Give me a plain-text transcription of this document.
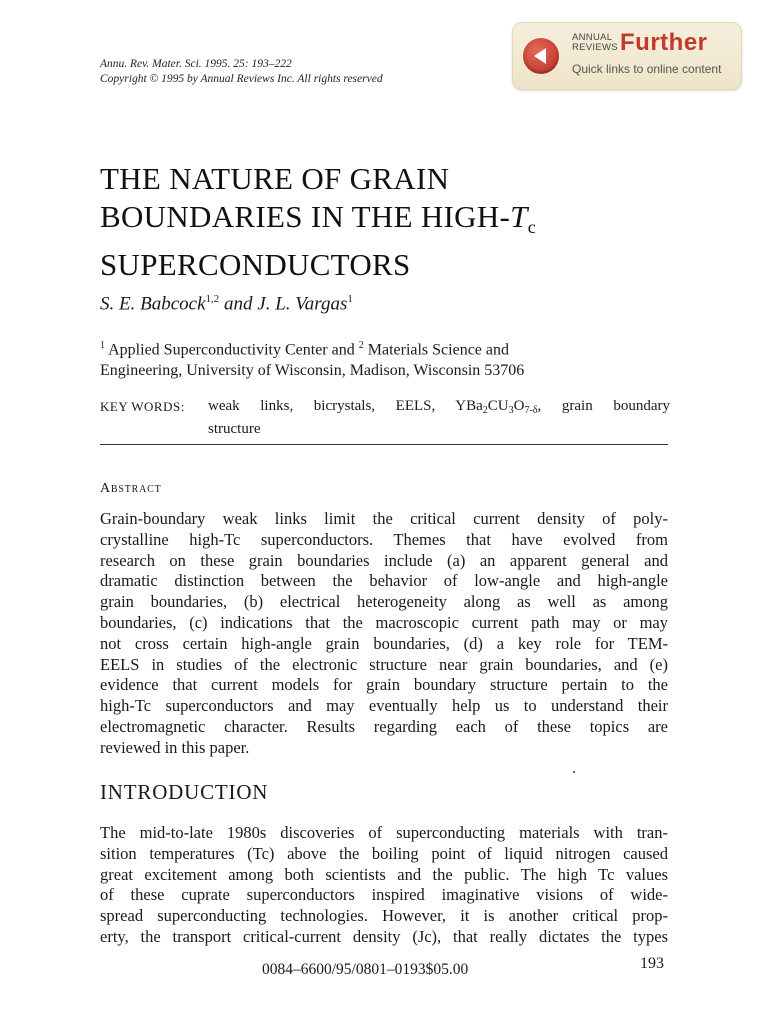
Annu. Rev. Mater. Sci. 1995. 25: 193–222
Copyright © 1995 by Annual Reviews Inc. All rights reserved
ANNUAL
REVIEWS Further
Quick links to online content
THE NATURE OF GRAIN
BOUNDARIES IN THE HIGH-$T_c$
SUPERCONDUCTORS
S. E. Babcock$^{1,2}$ and J. L. Vargas$^1$
$^1$ Applied Superconductivity Center and $^2$ Materials Science and
Engineering, University of Wisconsin, Madison, Wisconsin 53706
KEY WORDS: weak links, bicrystals, EELS, $YBa_2CU_3O_{7-\delta}$, grain boundary
structure
Abstract
Grain-boundary weak links limit the critical current density of poly-
crystalline high-Tc superconductors. Themes that have evolved from
research on these grain boundaries include (a) an apparent general and
dramatic distinction between the behavior of low-angle and high-angle
grain boundaries, (b) electrical heterogeneity along as well as among
boundaries, (c) indications that the macroscopic current path may or may
not cross certain high-angle grain boundaries, (d) a key role for TEM-
EELS in studies of the electronic structure near grain boundaries, and (e)
evidence that current models for grain boundary structure pertain to the
high-Tc superconductors and may eventually help us to understand their
electromagnetic character. Results regarding each of these topics are
reviewed in this paper.
INTRODUCTION
The mid-to-late 1980s discoveries of superconducting materials with tran-
sition temperatures (Tc) above the boiling point of liquid nitrogen caused
great excitement among both scientists and the public. The high Tc values
of these cuprate superconductors inspired imaginative visions of wide-
spread superconducting technologies. However, it is another critical prop-
erty, the transport critical-current density (Jc), that really dictates the types
0084–6600/95/0801–0193$05.00	193
